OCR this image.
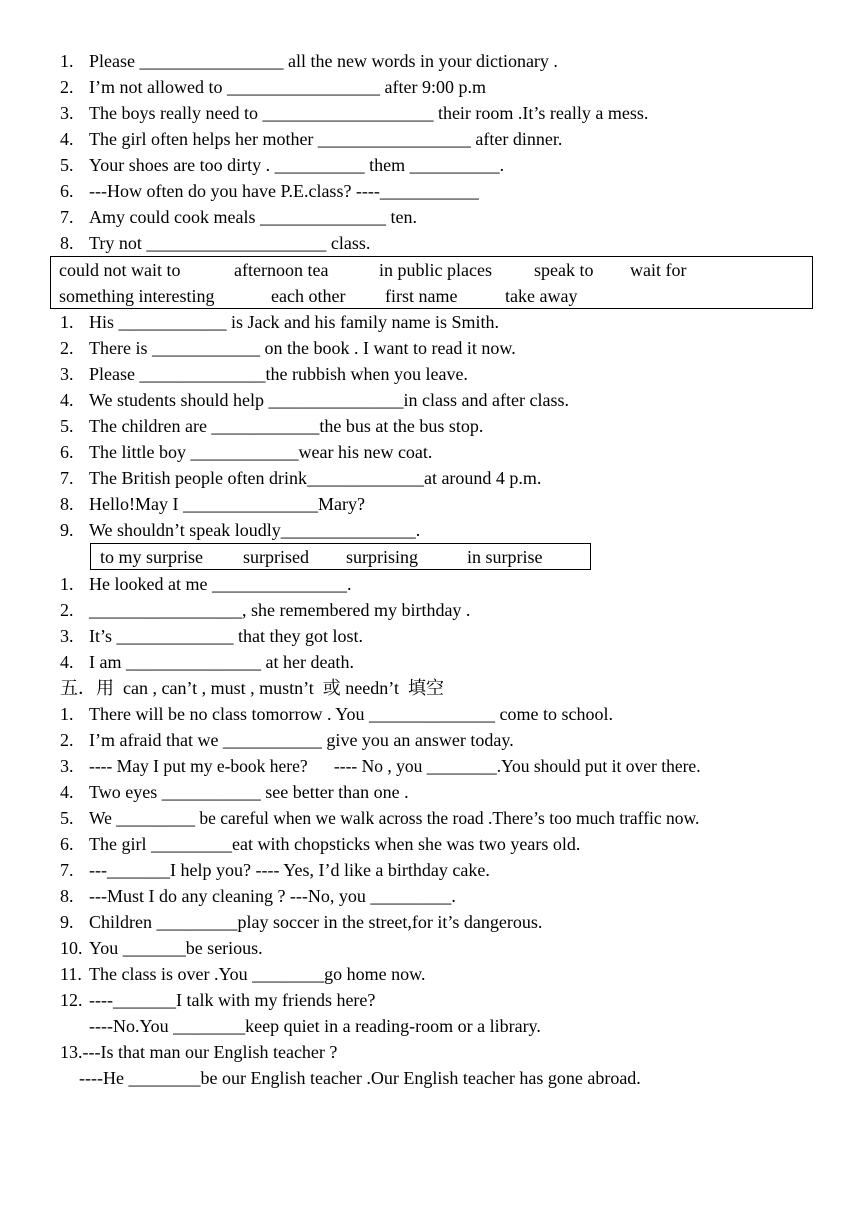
1. Please ________________ all the new words in your dictionary .
2. I’m not allowed to _________________ after 9:00 p.m
3. The boys really need to ___________________ their room .It’s really a mess.
4. The girl often helps her mother _________________ after dinner.
5. Your shoes are too dirty . __________ them __________.
6. ---How often do you have P.E.class? ----___________
7. Amy could cook meals ______________ ten.
8. Try not ____________________ class.
could not wait to	afternoon tea	in public places speak to wait for
something interesting	each other first name	take away
1. His ____________ is Jack and his family name is Smith.
2. There is ____________ on the book . I want to read it now.
3. Please ______________the rubbish when you leave.
4. We students should help _______________in class and after class.
5. The children are ____________the bus at the bus stop.
6. The little boy ____________wear his new coat.
7. The British people often drink_____________at around 4 p.m.
8. Hello!May I _______________Mary?
9. We shouldn’t speak loudly_______________.
to my surprise surprised surprising	in surprise
1. He looked at me _______________.
2. _________________, she remembered my birthday .
3. It’s _____________ that they got lost.
4. I am _______________ at her death.
五．用  can , can’t , must , mustn’t  或 needn’t  填空
1. There will be no class tomorrow . You ______________ come to school.
2. I’m afraid that we ___________ give you an answer today.
3. ---- May I put my e-book here?      ---- No , you ________.You should put it over there.
4. Two eyes ___________ see better than one .
5. We _________ be careful when we walk across the road .There’s too much traffic now.
6. The girl _________eat with chopsticks when she was two years old.
7. ---_______I help you? ---- Yes, I’d like a birthday cake.
8. ---Must I do any cleaning ? ---No, you _________.
9. Children _________play soccer in the street,for it’s dangerous.
10. You _______be serious.
11. The class is over .You ________go home now.
12. ----_______I talk with my friends here?
----No.You ________keep quiet in a reading-room or a library.
13.---Is that man our English teacher ?
----He ________be our English teacher .Our English teacher has gone abroad.
